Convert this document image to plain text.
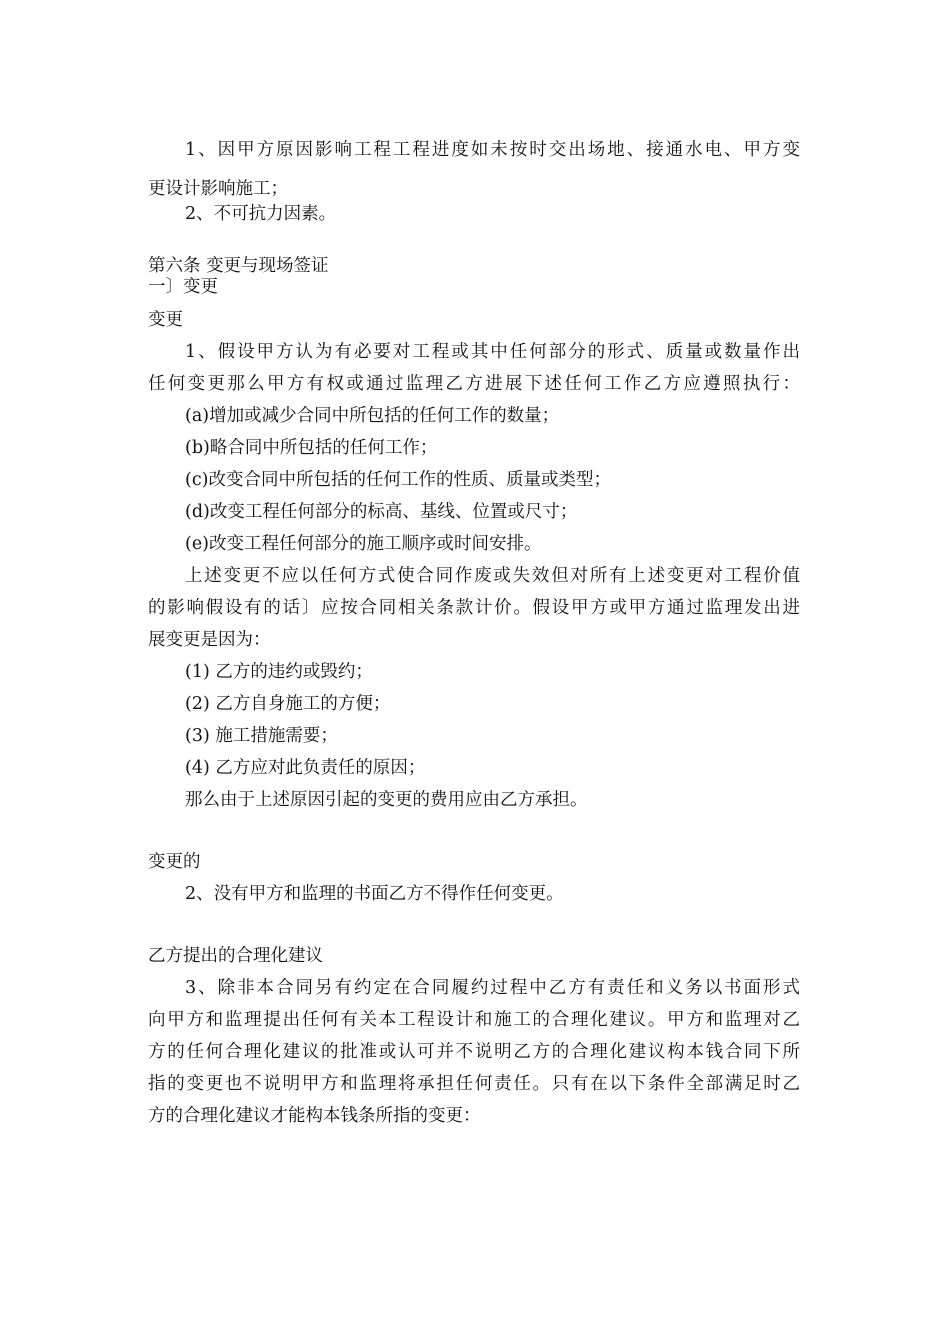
1、因甲方原因影响工程工程进度如未按时交出场地、接通水电、甲方变
更设计影响施工；
2、不可抗力因素。
第六条 变更与现场签证
一〕变更
变更
1、假设甲方认为有必要对工程或其中任何部分的形式、质量或数量作出
任何变更那么甲方有权或通过监理乙方进展下述任何工作乙方应遵照执行：
(a)增加或减少合同中所包括的任何工作的数量；
(b)略合同中所包括的任何工作；
(c)改变合同中所包括的任何工作的性质、质量或类型；
(d)改变工程任何部分的标高、基线、位置或尺寸；
(e)改变工程任何部分的施工顺序或时间安排。
上述变更不应以任何方式使合同作废或失效但对所有上述变更对工程价值
的影响假设有的话〕应按合同相关条款计价。假设甲方或甲方通过监理发出进
展变更是因为：
(1) 乙方的违约或毁约；
(2) 乙方自身施工的方便；
(3) 施工措施需要；
(4) 乙方应对此负责任的原因；
那么由于上述原因引起的变更的费用应由乙方承担。
变更的
2、没有甲方和监理的书面乙方不得作任何变更。
乙方提出的合理化建议
3、除非本合同另有约定在合同履约过程中乙方有责任和义务以书面形式
向甲方和监理提出任何有关本工程设计和施工的合理化建议。甲方和监理对乙
方的任何合理化建议的批准或认可并不说明乙方的合理化建议构本钱合同下所
指的变更也不说明甲方和监理将承担任何责任。只有在以下条件全部满足时乙
方的合理化建议才能构本钱条所指的变更：
